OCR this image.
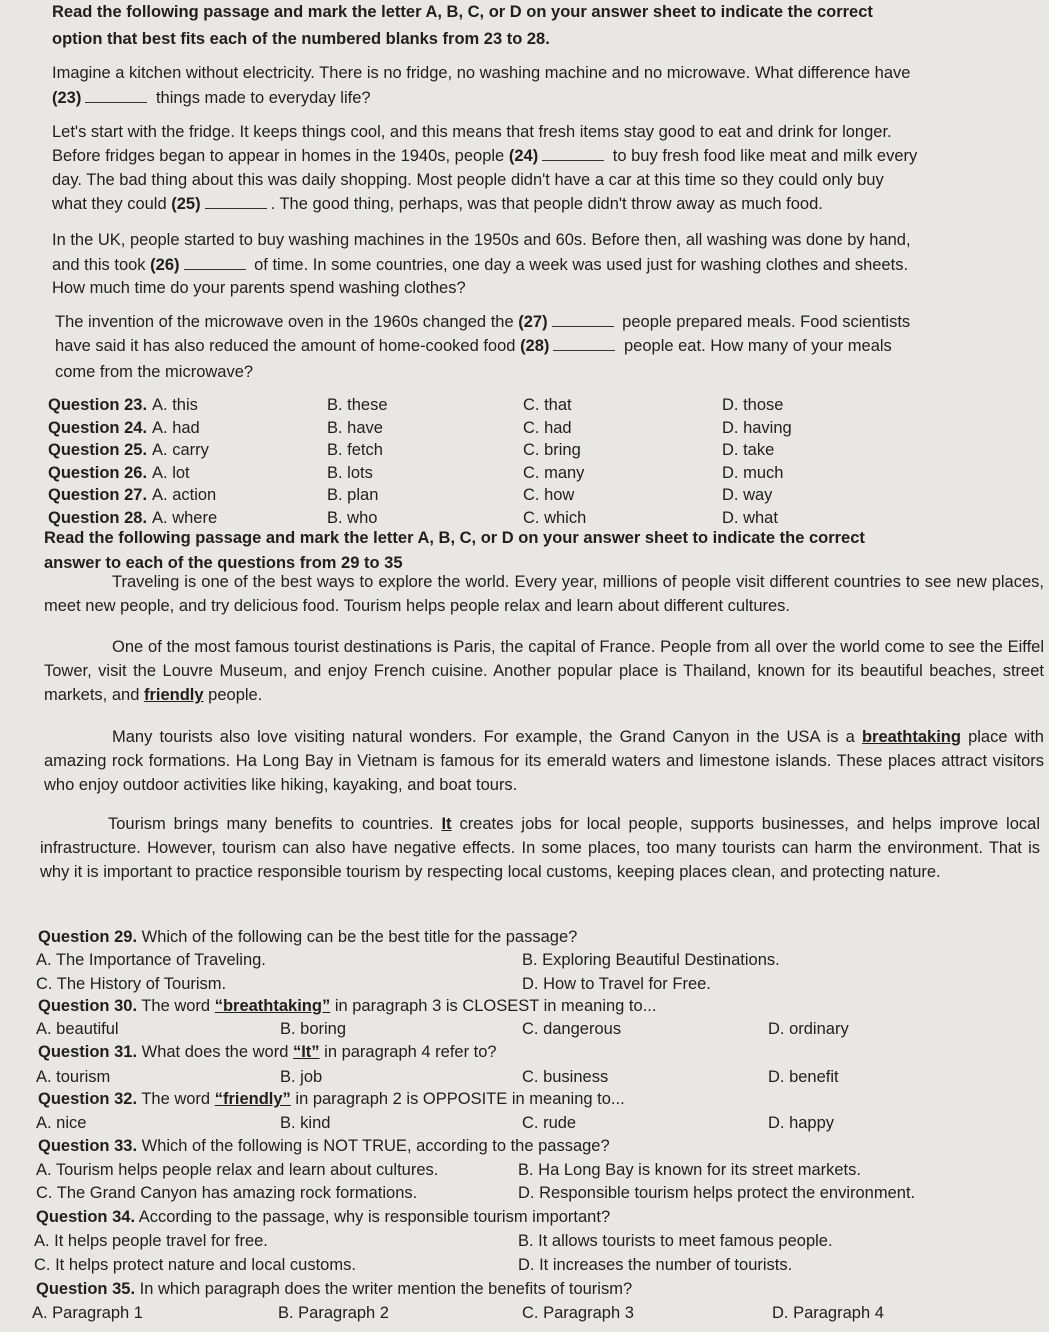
Read the following passage and mark the letter A, B, C, or D on your answer sheet to indicate the correct
option that best fits each of the numbered blanks from 23 to 28.
Imagine a kitchen without electricity. There is no fridge, no washing machine and no microwave. What difference have
(23)	things made to everyday life?
Let's start with the fridge. It keeps things cool, and this means that fresh items stay good to eat and drink for longer.
Before fridges began to appear in homes in the 1940s, people (24)	to buy fresh food like meat and milk every
day. The bad thing about this was daily shopping. Most people didn't have a car at this time so they could only buy
what they could (25)	. The good thing, perhaps, was that people didn't throw away as much food.
In the UK, people started to buy washing machines in the 1950s and 60s. Before then, all washing was done by hand,
and this took (26)	of time. In some countries, one day a week was used just for washing clothes and sheets.
How much time do your parents spend washing clothes?
The invention of the microwave oven in the 1960s changed the (27)	people prepared meals. Food scientists
have said it has also reduced the amount of home-cooked food (28)	people eat. How many of your meals
come from the microwave?
Question 23. A. this	B. these	C. that	D. those
Question 24. A. had	B. have	C. had	D. having
Question 25. A. carry	B. fetch	C. bring	D. take
Question 26. A. lot	B. lots	C. many	D. much
Question 27. A. action	B. plan	C. how	D. way
Question 28. A. where	B. who	C. which	D. what
Read the following passage and mark the letter A, B, C, or D on your answer sheet to indicate the correct
answer to each of the questions from 29 to 35
Traveling is one of the best ways to explore the world. Every year, millions of people visit different countries to see new places, meet new people, and try delicious food. Tourism helps people relax and learn about different cultures.
One of the most famous tourist destinations is Paris, the capital of France. People from all over the world come to see the Eiffel Tower, visit the Louvre Museum, and enjoy French cuisine. Another popular place is Thailand, known for its beautiful beaches, street markets, and friendly people.
Many tourists also love visiting natural wonders. For example, the Grand Canyon in the USA is a breathtaking place with amazing rock formations. Ha Long Bay in Vietnam is famous for its emerald waters and limestone islands. These places attract visitors who enjoy outdoor activities like hiking, kayaking, and boat tours.
Tourism brings many benefits to countries. It creates jobs for local people, supports businesses, and helps improve local infrastructure. However, tourism can also have negative effects. In some places, too many tourists can harm the environment. That is why it is important to practice responsible tourism by respecting local customs, keeping places clean, and protecting nature.
Question 29. Which of the following can be the best title for the passage?
A. The Importance of Traveling.	B. Exploring Beautiful Destinations.
C. The History of Tourism.	D. How to Travel for Free.
Question 30. The word “breathtaking” in paragraph 3 is CLOSEST in meaning to...
A. beautiful	B. boring	C. dangerous	D. ordinary
Question 31. What does the word “It” in paragraph 4 refer to?
A. tourism	B. job	C. business	D. benefit
Question 32. The word “friendly” in paragraph 2 is OPPOSITE in meaning to...
A. nice	B. kind	C. rude	D. happy
Question 33. Which of the following is NOT TRUE, according to the passage?
A. Tourism helps people relax and learn about cultures.	B. Ha Long Bay is known for its street markets.
C. The Grand Canyon has amazing rock formations.	D. Responsible tourism helps protect the environment.
Question 34. According to the passage, why is responsible tourism important?
A. It helps people travel for free.	B. It allows tourists to meet famous people.
C. It helps protect nature and local customs.	D. It increases the number of tourists.
Question 35. In which paragraph does the writer mention the benefits of tourism?
A. Paragraph 1	B. Paragraph 2	C. Paragraph 3	D. Paragraph 4
